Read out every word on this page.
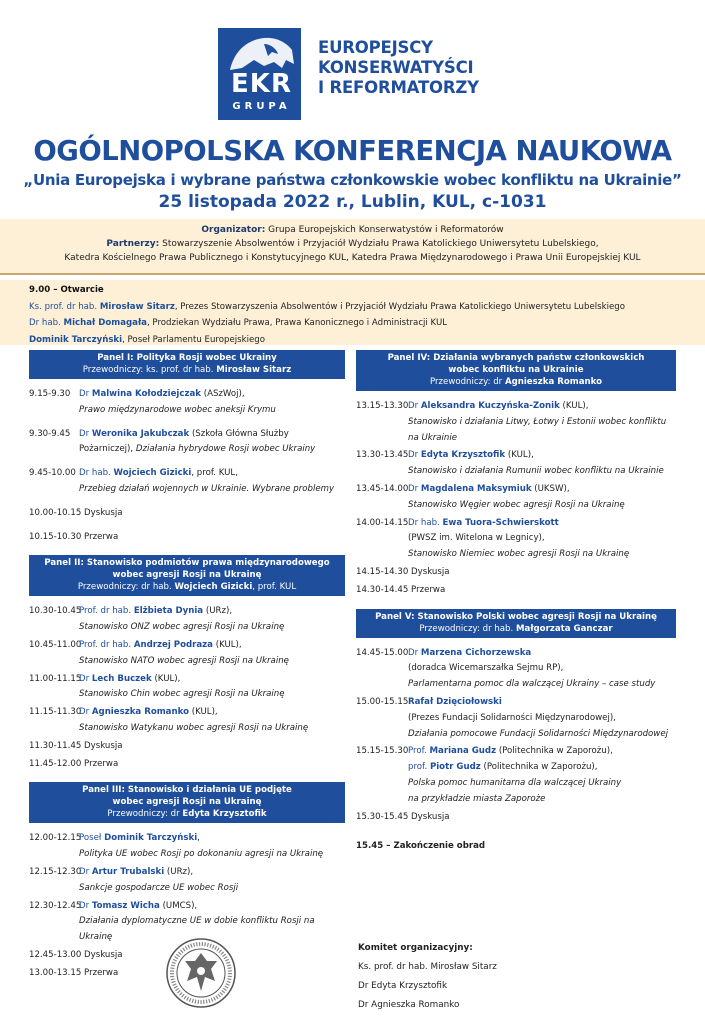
EKR
GRUPA
EUROPEJSCY
KONSERWATYŚCI
I REFORMATORZY
OGÓLNOPOLSKA KONFERENCJA NAUKOWA
„Unia Europejska i wybrane państwa członkowskie wobec konfliktu na Ukrainie”
25 listopada 2022 r., Lublin, KUL, c-1031
Organizator: Grupa Europejskich Konserwatystów i Reformatorów
Partnerzy: Stowarzyszenie Absolwentów i Przyjaciół Wydziału Prawa Katolickiego Uniwersytetu Lubelskiego,
Katedra Kościelnego Prawa Publicznego i Konstytucyjnego KUL, Katedra Prawa Międzynarodowego i Prawa Unii Europejskiej KUL
9.00 – Otwarcie
Ks. prof. dr hab. Mirosław Sitarz, Prezes Stowarzyszenia Absolwentów i Przyjaciół Wydziału Prawa Katolickiego Uniwersytetu Lubelskiego
Dr hab. Michał Domagała, Prodziekan Wydziału Prawa, Prawa Kanonicznego i Administracji KUL
Dominik Tarczyński, Poseł Parlamentu Europejskiego
Panel I: Polityka Rosji wobec Ukrainy
Przewodniczy: ks. prof. dr hab. Mirosław Sitarz
9.15-9.30	Dr Malwina Kołodziejczak (ASzWoj),
Prawo międzynarodowe wobec aneksji Krymu
9.30-9.45	Dr Weronika Jakubczak (Szkoła Główna Służby
Pożarniczej), Działania hybrydowe Rosji wobec Ukrainy
9.45-10.00 Dr hab. Wojciech Gizicki, prof. KUL,
Przebieg działań wojennych w Ukrainie. Wybrane problemy
10.00-10.15 Dyskusja
10.15-10.30 Przerwa
Panel II: Stanowisko podmiotów prawa międzynarodowego
wobec agresji Rosji na Ukrainę
Przewodniczy: dr hab. Wojciech Gizicki, prof. KUL
10.30-10.45
Prof. dr hab. Elżbieta Dynia (URz),
Stanowisko ONZ wobec agresji Rosji na Ukrainę
10.45-11.00
Prof. dr hab. Andrzej Podraza (KUL),
Stanowisko NATO wobec agresji Rosji na Ukrainę
11.00-11.15
Dr Lech Buczek (KUL),
Stanowisko Chin wobec agresji Rosji na Ukrainę
11.15-11.30
Dr Agnieszka Romanko (KUL),
Stanowisko Watykanu wobec agresji Rosji na Ukrainę
11.30-11.45 Dyskusja
11.45-12.00 Przerwa
Panel III: Stanowisko i działania UE podjęte
wobec agresji Rosji na Ukrainę
Przewodniczy: dr Edyta Krzysztofik
12.00-12.15
Poseł Dominik Tarczyński,
Polityka UE wobec Rosji po dokonaniu agresji na Ukrainę
12.15-12.30
Dr Artur Trubalski (URz),
Sankcje gospodarcze UE wobec Rosji
12.30-12.45
Dr Tomasz Wicha (UMCS),
Działania dyplomatyczne UE w dobie konfliktu Rosji na Ukrainę
12.45-13.00 Dyskusja
13.00-13.15 Przerwa
Panel IV: Działania wybranych państw członkowskich
wobec konfliktu na Ukrainie
Przewodniczy: dr Agnieszka Romanko
13.15-13.30 Dr Aleksandra Kuczyńska-Zonik (KUL),
Stanowisko i działania Litwy, Łotwy i Estonii wobec konfliktu
na Ukrainie
13.30-13.45 Dr Edyta Krzysztofik (KUL),
Stanowisko i działania Rumunii wobec konfliktu na Ukrainie
13.45-14.00 Dr Magdalena Maksymiuk (UKSW),
Stanowisko Węgier wobec agresji Rosji na Ukrainę
14.00-14.15 Dr hab. Ewa Tuora-Schwierskott
(PWSZ im. Witelona w Legnicy),
Stanowisko Niemiec wobec agresji Rosji na Ukrainę
14.15-14.30 Dyskusja
14.30-14.45 Przerwa
Panel V: Stanowisko Polski wobec agresji Rosji na Ukrainę
Przewodniczy: dr hab. Małgorzata Ganczar
14.45-15.00 Dr Marzena Cichorzewska
(doradca Wicemarszałka Sejmu RP),
Parlamentarna pomoc dla walczącej Ukrainy – case study
15.00-15.15 Rafał Dzięciołowski
(Prezes Fundacji Solidarności Międzynarodowej),
Działania pomocowe Fundacji Solidarności Międzynarodowej
15.15-15.30 Prof. Mariana Gudz (Politechnika w Zaporożu),
prof. Piotr Gudz (Politechnika w Zaporożu),
Polska pomoc humanitarna dla walczącej Ukrainy
na przykładzie miasta Zaporoże
15.30-15.45 Dyskusja
15.45 – Zakończenie obrad
Komitet organizacyjny:
Ks. prof. dr hab. Mirosław Sitarz
Dr Edyta Krzysztofik
Dr Agnieszka Romanko
